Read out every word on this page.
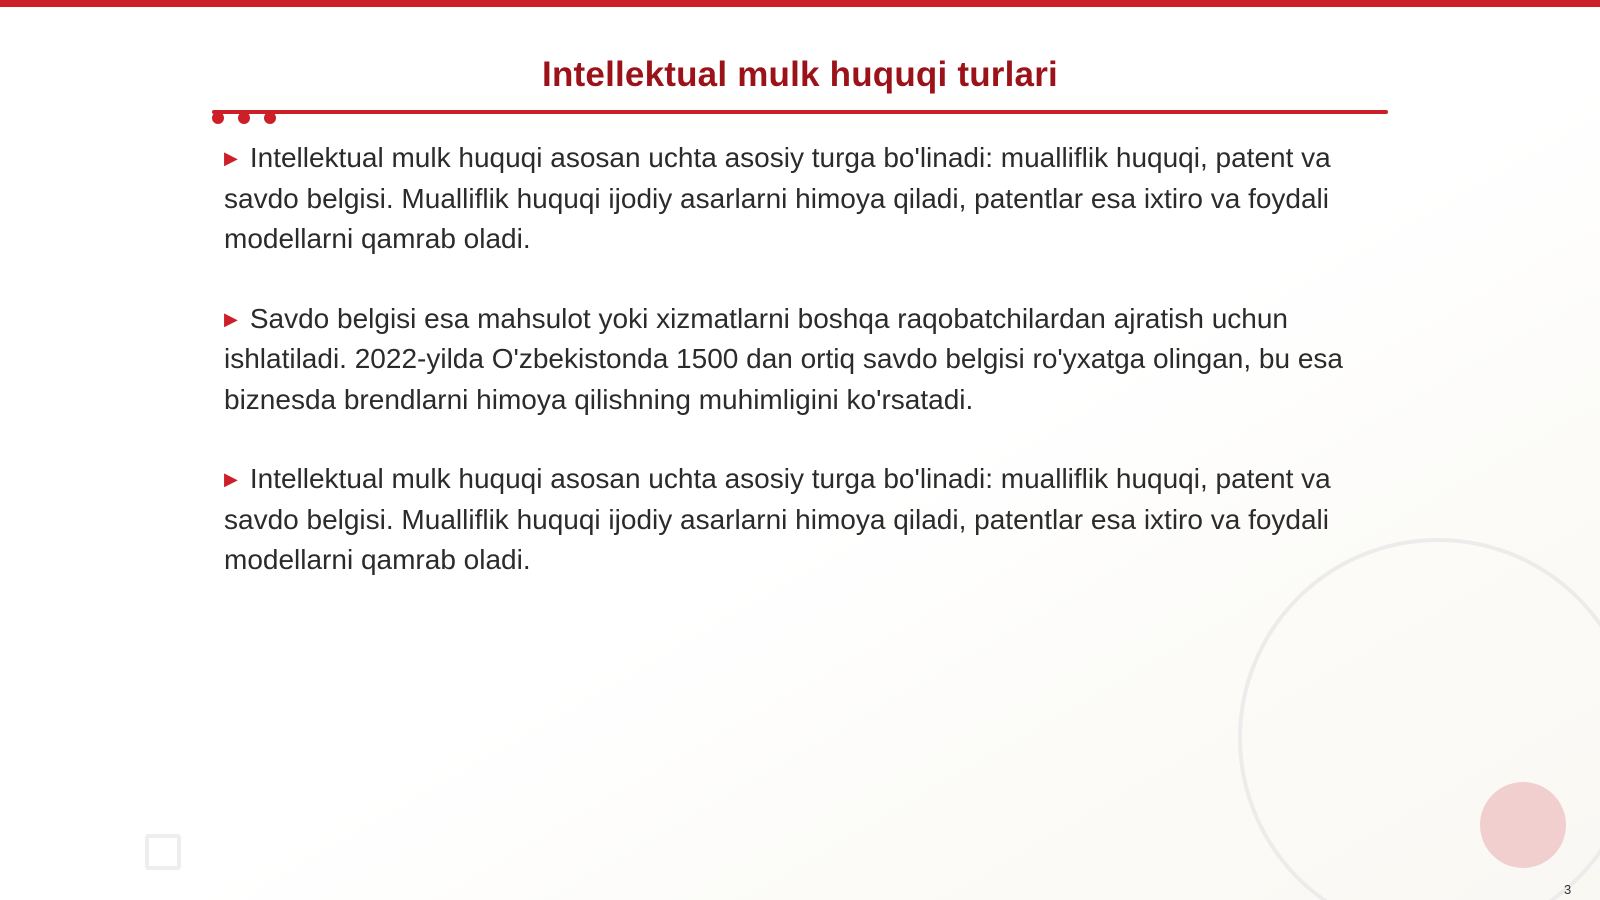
Intellektual mulk huquqi turlari

▶ Intellektual mulk huquqi asosan uchta asosiy turga bo'linadi: mualliflik huquqi, patent va savdo belgisi. Mualliflik huquqi ijodiy asarlarni himoya qiladi, patentlar esa ixtiro va foydali modellarni qamrab oladi.

▶ Savdo belgisi esa mahsulot yoki xizmatlarni boshqa raqobatchilardan ajratish uchun ishlatiladi. 2022-yilda O'zbekistonda 1500 dan ortiq savdo belgisi ro'yxatga olingan, bu esa biznesda brendlarni himoya qilishning muhimligini ko'rsatadi.

▶ Intellektual mulk huquqi asosan uchta asosiy turga bo'linadi: mualliflik huquqi, patent va savdo belgisi. Mualliflik huquqi ijodiy asarlarni himoya qiladi, patentlar esa ixtiro va foydali modellarni qamrab oladi.

3
